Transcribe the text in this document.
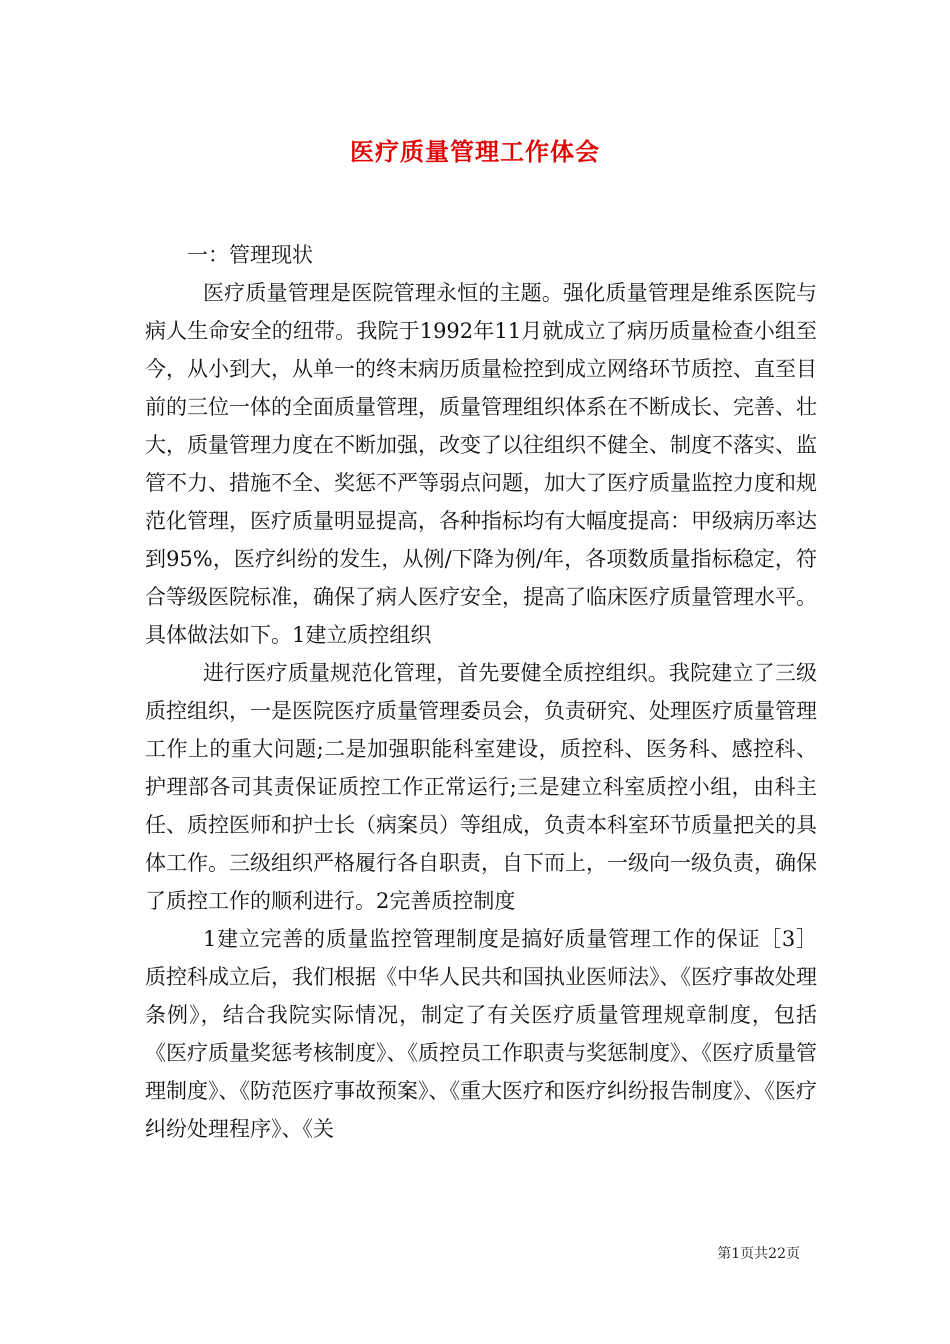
医疗质量管理工作体会

一：管理现状

医疗质量管理是医院管理永恒的主题。强化质量管理是维系医院与病人生命安全的纽带。我院于1992年11月就成立了病历质量检查小组至今，从小到大，从单一的终末病历质量检控到成立网络环节质控、直至目前的三位一体的全面质量管理，质量管理组织体系在不断成长、完善、壮大，质量管理力度在不断加强，改变了以往组织不健全、制度不落实、监管不力、措施不全、奖惩不严等弱点问题，加大了医疗质量监控力度和规范化管理，医疗质量明显提高，各种指标均有大幅度提高：甲级病历率达到95%，医疗纠纷的发生，从例/下降为例/年，各项数质量指标稳定，符合等级医院标准，确保了病人医疗安全，提高了临床医疗质量管理水平。具体做法如下。1建立质控组织

进行医疗质量规范化管理，首先要健全质控组织。我院建立了三级质控组织，一是医院医疗质量管理委员会，负责研究、处理医疗质量管理工作上的重大问题;二是加强职能科室建设，质控科、医务科、感控科、护理部各司其责保证质控工作正常运行;三是建立科室质控小组，由科主任、质控医师和护士长（病案员）等组成，负责本科室环节质量把关的具体工作。三级组织严格履行各自职责，自下而上，一级向一级负责，确保了质控工作的顺利进行。2完善质控制度

1建立完善的质量监控管理制度是搞好质量管理工作的保证［3］质控科成立后，我们根据《中华人民共和国执业医师法》、《医疗事故处理条例》，结合我院实际情况，制定了有关医疗质量管理规章制度，包括《医疗质量奖惩考核制度》、《质控员工作职责与奖惩制度》、《医疗质量管理制度》、《防范医疗事故预案》、《重大医疗和医疗纠纷报告制度》、《医疗纠纷处理程序》、《关

第1页共22页
